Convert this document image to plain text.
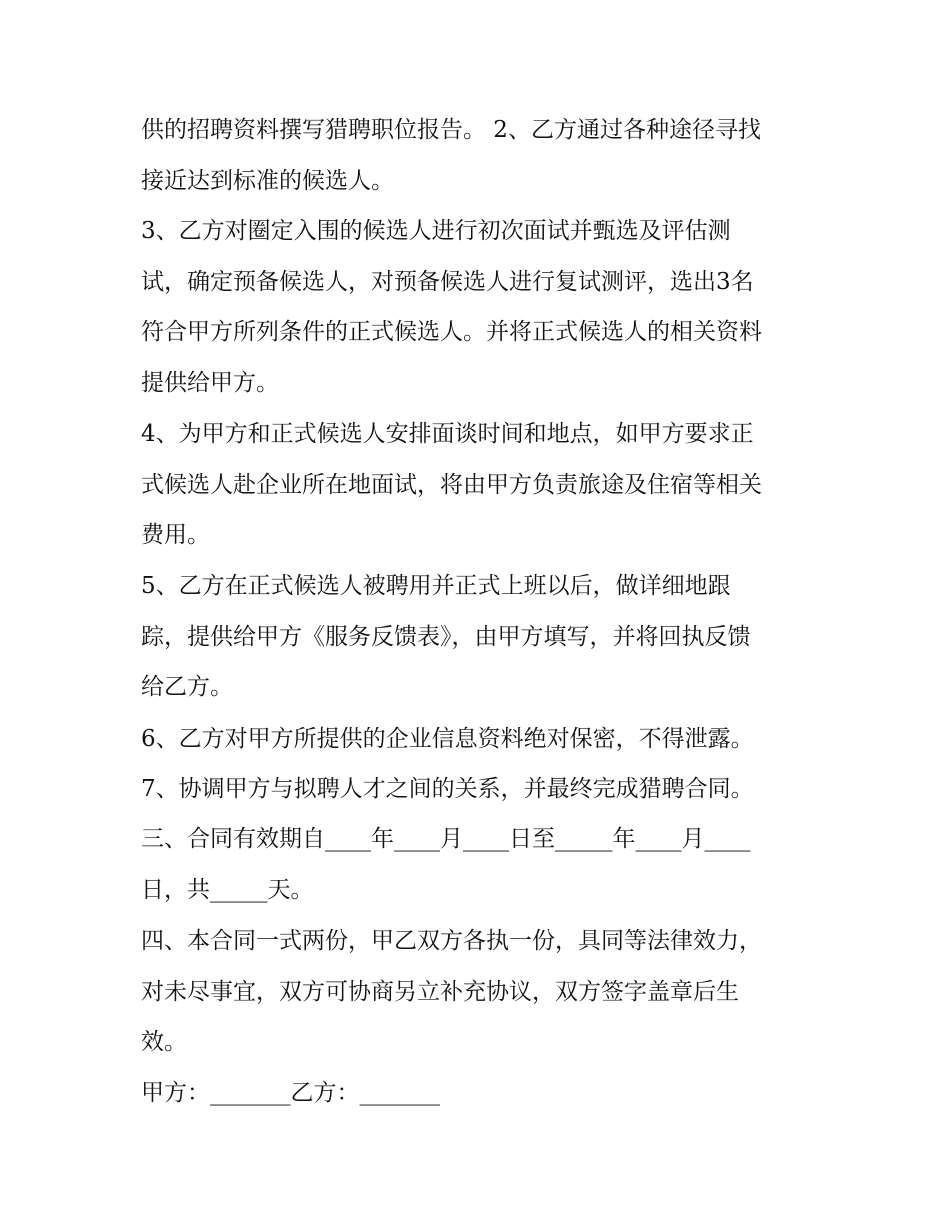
供的招聘资料撰写猎聘职位报告。 2、乙方通过各种途径寻找
接近达到标准的候选人。
3、乙方对圈定入围的候选人进行初次面试并甄选及评估测
试，确定预备候选人，对预备候选人进行复试测评，选出3名
符合甲方所列条件的正式候选人。并将正式候选人的相关资料
提供给甲方。
4、为甲方和正式候选人安排面谈时间和地点，如甲方要求正
式候选人赴企业所在地面试，将由甲方负责旅途及住宿等相关
费用。
5、乙方在正式候选人被聘用并正式上班以后，做详细地跟
踪，提供给甲方《服务反馈表》，由甲方填写，并将回执反馈
给乙方。
6、乙方对甲方所提供的企业信息资料绝对保密，不得泄露。
7、协调甲方与拟聘人才之间的关系，并最终完成猎聘合同。
三、合同有效期自____年____月____日至_____年____月____
日，共_____天。
四、本合同一式两份，甲乙双方各执一份，具同等法律效力，
对未尽事宜，双方可协商另立补充协议，双方签字盖章后生
效。
甲方：_______乙方：_______
